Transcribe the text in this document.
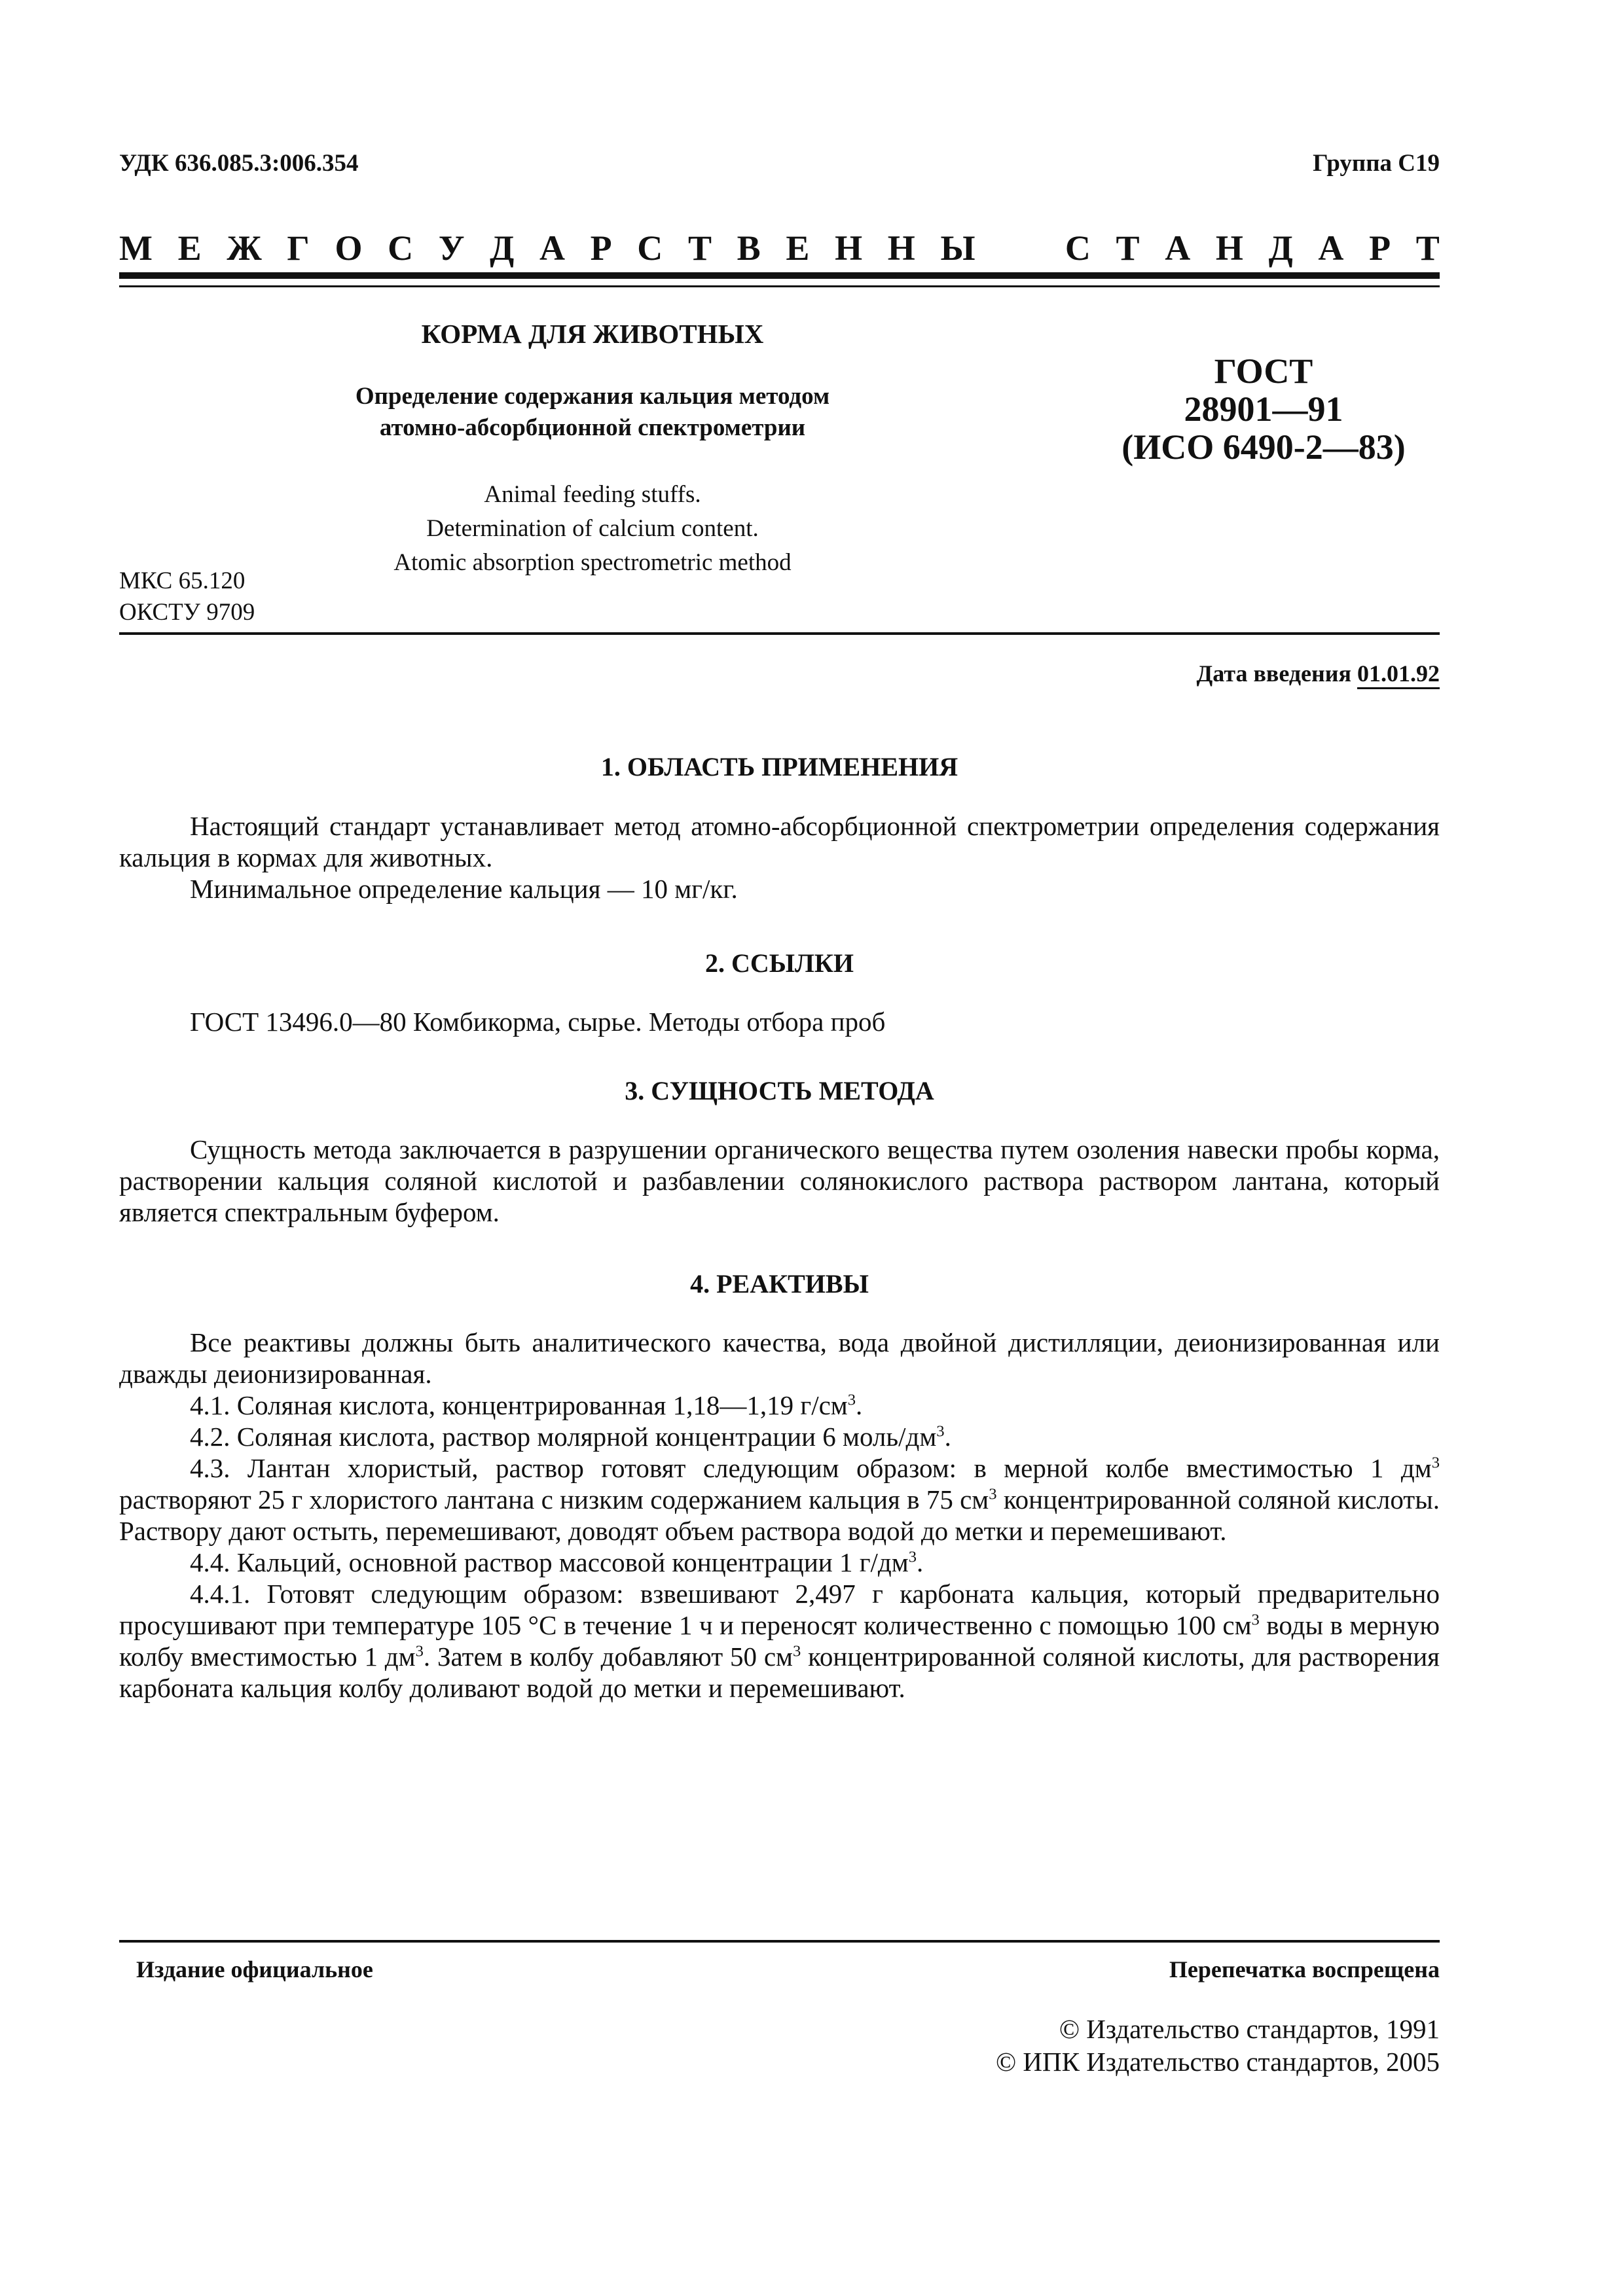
УДК 636.085.3:006.354	Группа С19
М Е Ж Г О С У Д А Р С Т В Е Н Н Ы	С Т А Н Д А Р Т
КОРМА ДЛЯ ЖИВОТНЫХ
Определение содержания кальция методом
атомно-абсорбционной спектрометрии
Animal feeding stuffs.
Determination of calcium content.
Atomic absorption spectrometric method
ГОСТ
28901—91
(ИСО 6490-2—83)
МКС 65.120
ОКСТУ 9709
Дата введения 01.01.92
1. ОБЛАСТЬ ПРИМЕНЕНИЯ

Настоящий стандарт устанавливает метод атомно-абсорбционной спектрометрии определения содержания кальция в кормах для животных.

Минимальное определение кальция — 10 мг/кг.

2. ССЫЛКИ

ГОСТ 13496.0—80 Комбикорма, сырье. Методы отбора проб

3. СУЩНОСТЬ МЕТОДА

Сущность метода заключается в разрушении органического вещества путем озоления навески пробы корма, растворении кальция соляной кислотой и разбавлении солянокислого раствора раствором лантана, который является спектральным буфером.

4. РЕАКТИВЫ

Все реактивы должны быть аналитического качества, вода двойной дистилляции, деионизированная или дважды деионизированная.

4.1. Соляная кислота, концентрированная 1,18—1,19 $г/см^3$.

4.2. Соляная кислота, раствор молярной концентрации 6 моль/$дм^3$.

4.3. Лантан хлористый, раствор готовят следующим образом: в мерной колбе вместимостью 1 $дм^3$ растворяют 25 г хлористого лантана с низким содержанием кальция в 75 $см^3$ концентрированной соляной кислоты. Раствору дают остыть, перемешивают, доводят объем раствора водой до метки и перемешивают.

4.4. Кальций, основной раствор массовой концентрации 1 $г/дм^3$.

4.4.1. Готовят следующим образом: взвешивают 2,497 г карбоната кальция, который предварительно просушивают при температуре 105 °С в течение 1 ч и переносят количественно с помощью 100 $см^3$ воды в мерную колбу вместимостью 1 $дм^3$. Затем в колбу добавляют 50 $см^3$ концентрированной соляной кислоты, для растворения карбоната кальция колбу доливают водой до метки и перемешивают.

Издание официальное	Перепечатка воспрещена
© Издательство стандартов, 1991
© ИПК Издательство стандартов, 2005
